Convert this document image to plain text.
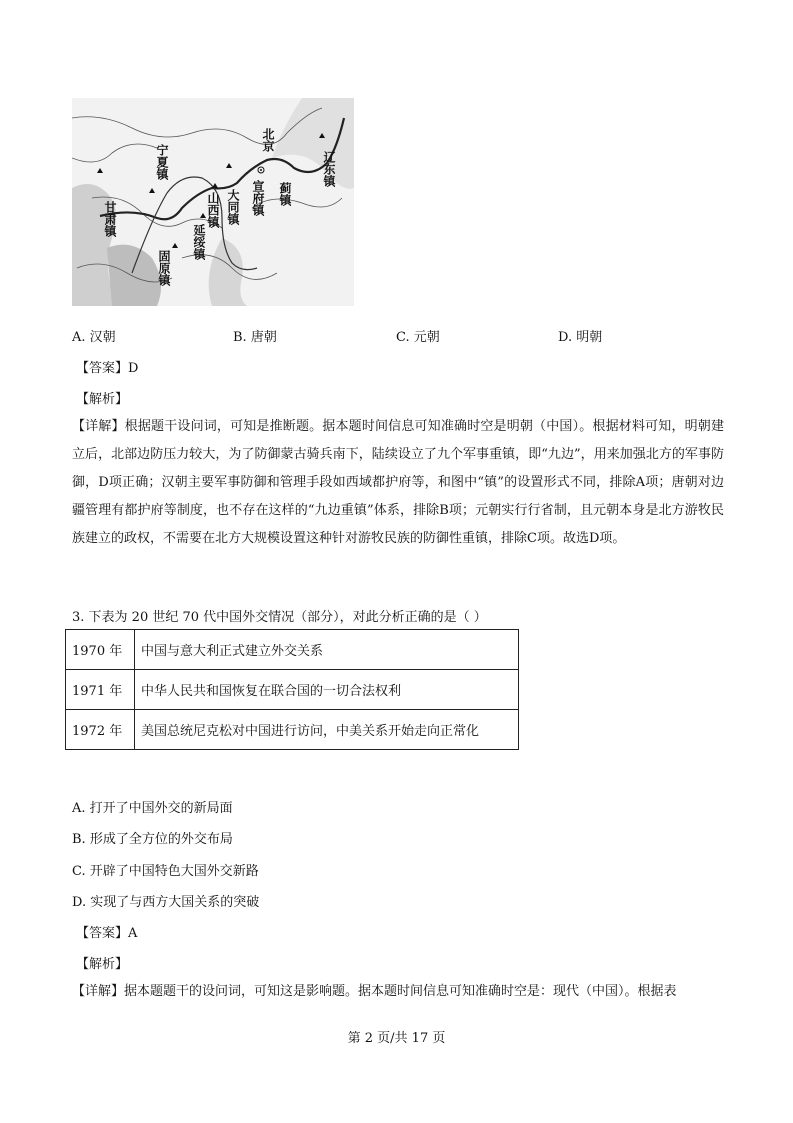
宁夏镇
甘肃镇
固原镇
延绥镇
山西镇 大同镇 宣府镇
北京
蓟镇
辽东镇
A. 汉朝	B. 唐朝	C. 元朝	D. 明朝
【答案】D
【解析】
【详解】根据题干设问词，可知是推断题。据本题时间信息可知准确时空是明朝（中国）。根据材料可知，明朝建立后，北部边防压力较大，为了防御蒙古骑兵南下，陆续设立了九个军事重镇，即“九边”，用来加强北方的军事防御，D项正确；汉朝主要军事防御和管理手段如西域都护府等，和图中“镇”的设置形式不同，排除A项；唐朝对边疆管理有都护府等制度，也不存在这样的“九边重镇”体系，排除B项；元朝实行行省制，且元朝本身是北方游牧民族建立的政权，不需要在北方大规模设置这种针对游牧民族的防御性重镇，排除C项。故选D项。
3. 下表为 20 世纪 70 代中国外交情况（部分），对此分析正确的是（ ）
1970 年	中国与意大利正式建立外交关系
1971 年	中华人民共和国恢复在联合国的一切合法权利
1972 年	美国总统尼克松对中国进行访问，中美关系开始走向正常化
A. 打开了中国外交的新局面
B. 形成了全方位的外交布局
C. 开辟了中国特色大国外交新路
D. 实现了与西方大国关系的突破
【答案】A
【解析】
【详解】据本题题干的设问词，可知这是影响题。据本题时间信息可知准确时空是：现代（中国）。根据表
第 2 页/共 17 页
